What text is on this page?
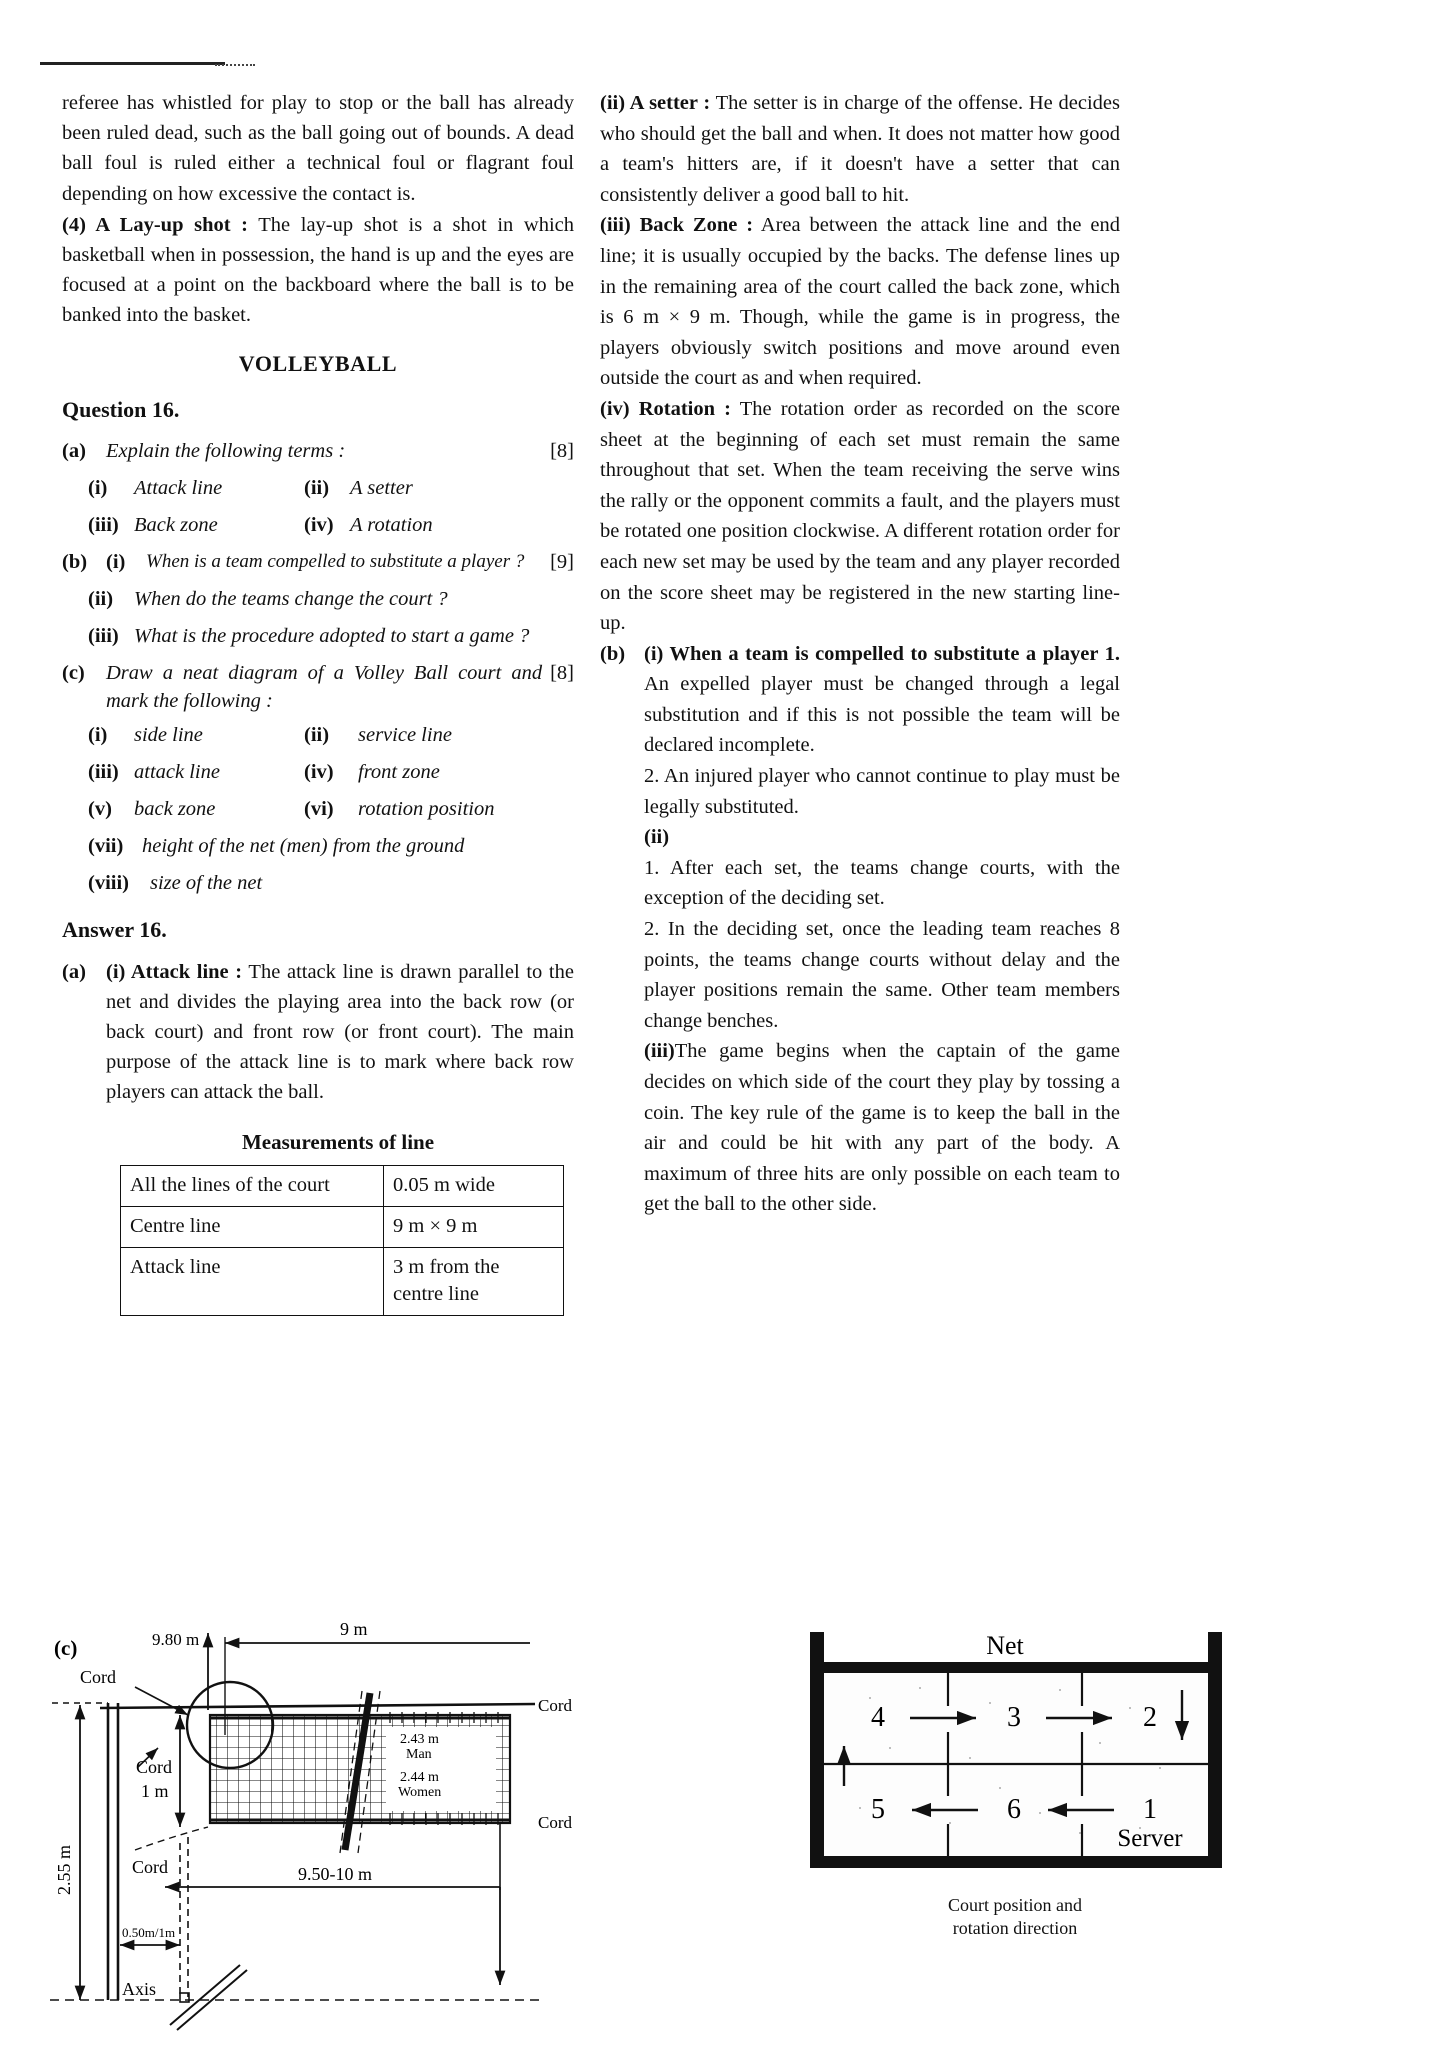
referee has whistled for play to stop or the ball has already been ruled dead, such as the ball going out of bounds. A dead ball foul is ruled either a technical foul or flagrant foul depending on how excessive the contact is.

(4) A Lay-up shot : The lay-up shot is a shot in which basketball when in possession, the hand is up and the eyes are focused at a point on the backboard where the ball is to be banked into the basket.

VOLLEYBALL
Question 16.
(a)	[8]
Explain the following terms :
(i)	Attack line	(ii)	A setter
(iii) Back zone	(iv) A rotation
(b) (i)	When is a team compelled to substitute a player ?	[9]
(ii)	When do the teams change the court ?
(iii) What is the procedure adopted to start a game ?
(c)	[8]
Draw a neat diagram of a Volley Ball court and mark the following :
(i)	side line	(ii)	service line
(iii) attack line	(iv)	front zone
(v)	back zone	(vi)	rotation position
(vii) height of the net (men) from the ground
(viii)	size of the net
Answer 16.
(a) (i) Attack line : The attack line is drawn parallel to the net and divides the playing area into the back row (or back court) and front row (or front court). The main purpose of the attack line is to mark where back row players can attack the ball.
Measurements of line
All the lines of the court	0.05 m wide
Centre line	9 m × 9 m
Attack line	3 m from the centre line

(ii) A setter : The setter is in charge of the offense. He decides who should get the ball and when. It does not matter how good a team's hitters are, if it doesn't have a setter that can consistently deliver a good ball to hit.

(iii) Back Zone : Area between the attack line and the end line; it is usually occupied by the backs. The defense lines up in the remaining area of the court called the back zone, which is 6 m × 9 m. Though, while the game is in progress, the players obviously switch positions and move around even outside the court as and when required.

(iv) Rotation : The rotation order as recorded on the score sheet at the beginning of each set must remain the same throughout that set. When the team receiving the serve wins the rally or the opponent commits a fault, and the players must be rotated one position clockwise. A different rotation order for each new set may be used by the team and any player recorded on the score sheet may be registered in the new starting line-up.

(b) (i) When a team is compelled to substitute a player 1. An expelled player must be changed through a legal substitution and if this is not possible the team will be declared incomplete.

2. An injured player who cannot continue to play must be legally substituted.

(ii)

1. After each set, the teams change courts, with the exception of the deciding set.

2. In the deciding set, once the leading team reaches 8 points, the teams change courts without delay and the player positions remain the same. Other team members change benches.

(iii)The game begins when the captain of the game decides on which side of the court they play by tossing a coin. The key rule of the game is to keep the ball in the air and could be hit with any part of the body. A maximum of three hits are only possible on each team to get the ball to the other side.

(c)
9 m
9.80 m
Cord
2.43 m
Man
2.44 m
Women
Cord
Cord
Cord
1 m
Cord
2.55 m	9.50-10 m
0.50m/1m
Axis
Net
4	3	2
5	6	1
Server
Court position and
rotation direction
